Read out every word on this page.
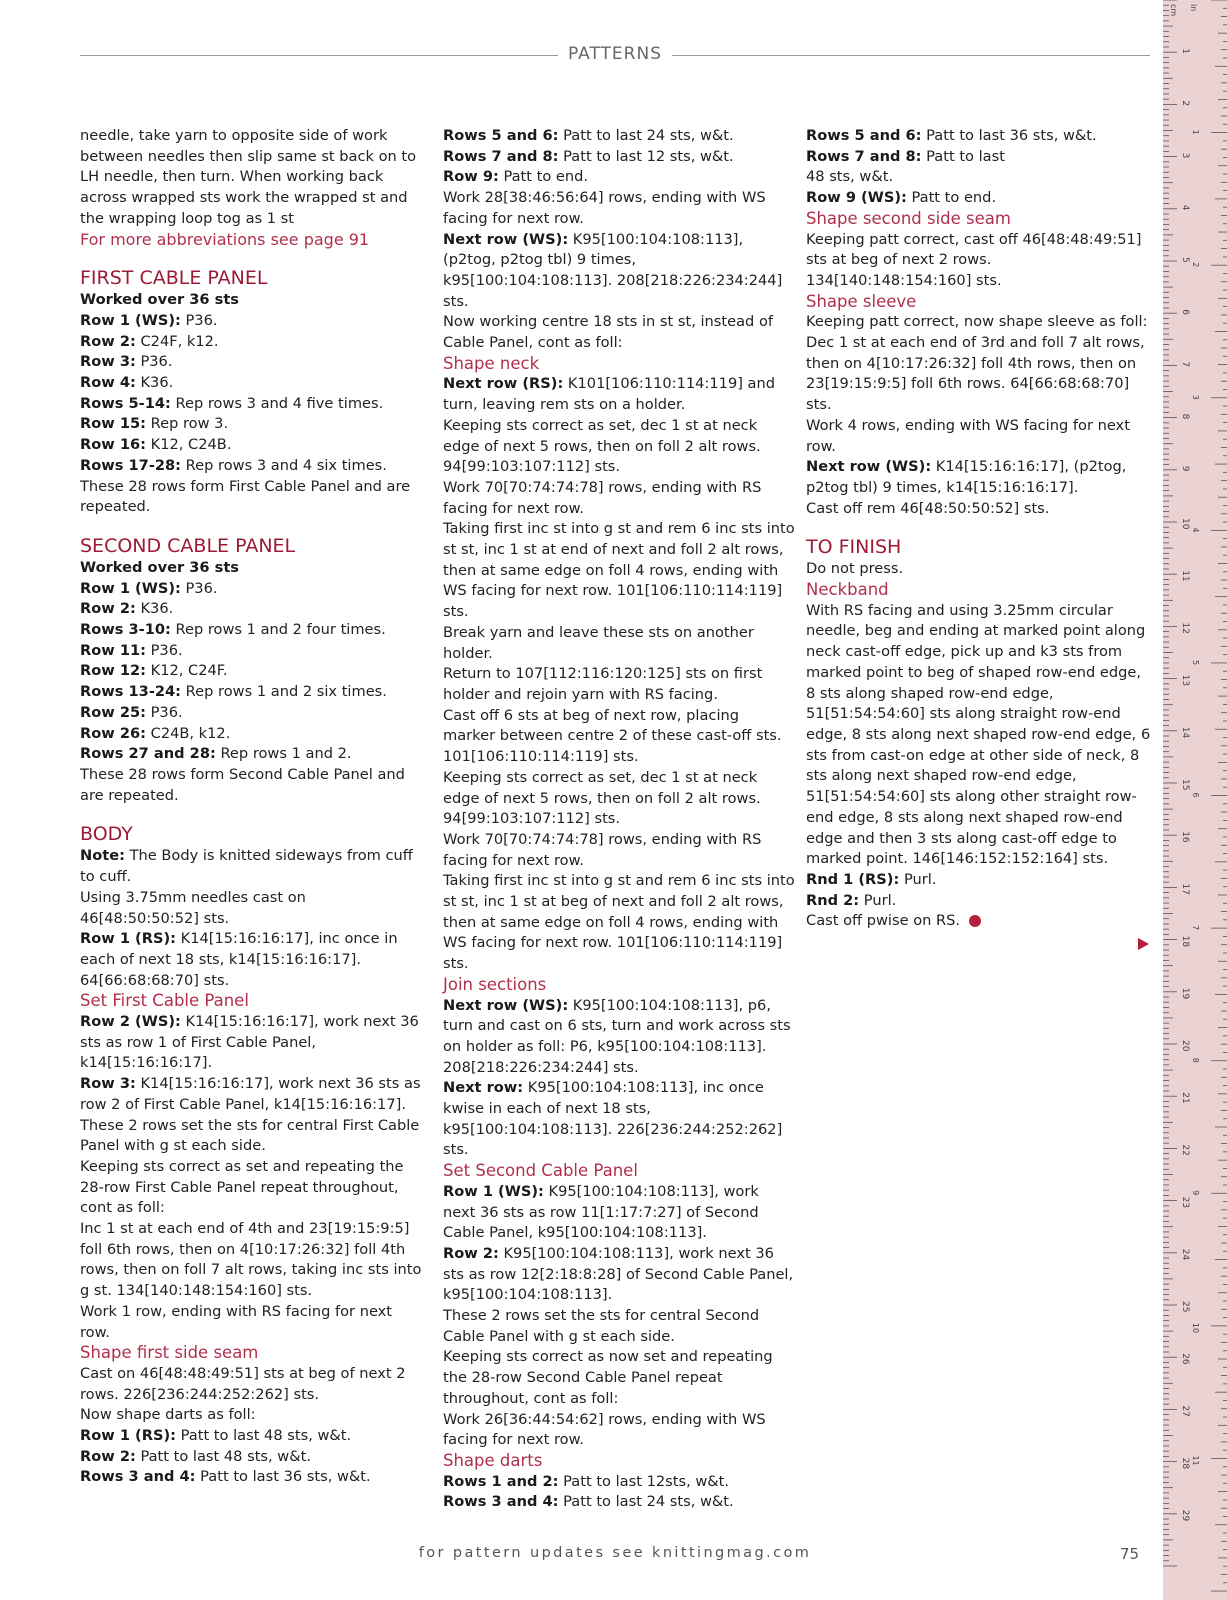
PATTERNS

needle, take yarn to opposite side of work between needles then slip same st back on to LH needle, then turn. When working back across wrapped sts work the wrapped st and the wrapping loop tog as 1 st

For more abbreviations see page 91

FIRST CABLE PANEL

Worked over 36 sts

Row 1 (WS): P36.

Row 2: C24F, k12.

Row 3: P36.

Row 4: K36.

Rows 5-14: Rep rows 3 and 4 five times.

Row 15: Rep row 3.

Row 16: K12, C24B.

Rows 17-28: Rep rows 3 and 4 six times.

These 28 rows form First Cable Panel and are repeated.

SECOND CABLE PANEL

Worked over 36 sts

Row 1 (WS): P36.

Row 2: K36.

Rows 3-10: Rep rows 1 and 2 four times.

Row 11: P36.

Row 12: K12, C24F.

Rows 13-24: Rep rows 1 and 2 six times.

Row 25: P36.

Row 26: C24B, k12.

Rows 27 and 28: Rep rows 1 and 2.

These 28 rows form Second Cable Panel and are repeated.

BODY

Note: The Body is knitted sideways from cuff to cuff.

Using 3.75mm needles cast on 46[48:50:50:52] sts.

Row 1 (RS): K14[15:16:16:17], inc once in each of next 18 sts, k14[15:16:16:17]. 64[66:68:68:70] sts.

Set First Cable Panel

Row 2 (WS): K14[15:16:16:17], work next 36 sts as row 1 of First Cable Panel, k14[15:16:16:17].

Row 3: K14[15:16:16:17], work next 36 sts as row 2 of First Cable Panel, k14[15:16:16:17].

These 2 rows set the sts for central First Cable Panel with g st each side.

Keeping sts correct as set and repeating the 28-row First Cable Panel repeat throughout, cont as foll:

Inc 1 st at each end of 4th and 23[19:15:9:5] foll 6th rows, then on 4[10:17:26:32] foll 4th rows, then on foll 7 alt rows, taking inc sts into g st. 134[140:148:154:160] sts.

Work 1 row, ending with RS facing for next row.

Shape first side seam

Cast on 46[48:48:49:51] sts at beg of next 2 rows. 226[236:244:252:262] sts.

Now shape darts as foll:

Row 1 (RS): Patt to last 48 sts, w&t.

Row 2: Patt to last 48 sts, w&t.

Rows 3 and 4: Patt to last 36 sts, w&t.

Rows 5 and 6: Patt to last 24 sts, w&t.

Rows 7 and 8: Patt to last 12 sts, w&t.

Row 9: Patt to end.

Work 28[38:46:56:64] rows, ending with WS facing for next row.

Next row (WS): K95[100:104:108:113], (p2tog, p2tog tbl) 9 times, k95[100:104:108:113]. 208[218:226:234:244] sts.

Now working centre 18 sts in st st, instead of Cable Panel, cont as foll:

Shape neck

Next row (RS): K101[106:110:114:119] and turn, leaving rem sts on a holder.

Keeping sts correct as set, dec 1 st at neck edge of next 5 rows, then on foll 2 alt rows. 94[99:103:107:112] sts.

Work 70[70:74:74:78] rows, ending with RS facing for next row.

Taking first inc st into g st and rem 6 inc sts into st st, inc 1 st at end of next and foll 2 alt rows, then at same edge on foll 4 rows, ending with WS facing for next row. 101[106:110:114:119] sts.

Break yarn and leave these sts on another holder.

Return to 107[112:116:120:125] sts on first holder and rejoin yarn with RS facing.

Cast off 6 sts at beg of next row, placing marker between centre 2 of these cast-off sts. 101[106:110:114:119] sts.

Keeping sts correct as set, dec 1 st at neck edge of next 5 rows, then on foll 2 alt rows. 94[99:103:107:112] sts.

Work 70[70:74:74:78] rows, ending with RS facing for next row.

Taking first inc st into g st and rem 6 inc sts into st st, inc 1 st at beg of next and foll 2 alt rows, then at same edge on foll 4 rows, ending with WS facing for next row. 101[106:110:114:119] sts.

Join sections

Next row (WS): K95[100:104:108:113], p6, turn and cast on 6 sts, turn and work across sts on holder as foll: P6, k95[100:104:108:113]. 208[218:226:234:244] sts.

Next row: K95[100:104:108:113], inc once kwise in each of next 18 sts, k95[100:104:108:113]. 226[236:244:252:262] sts.

Set Second Cable Panel

Row 1 (WS): K95[100:104:108:113], work next 36 sts as row 11[1:17:7:27] of Second Cable Panel, k95[100:104:108:113].

Row 2: K95[100:104:108:113], work next 36 sts as row 12[2:18:8:28] of Second Cable Panel, k95[100:104:108:113].

These 2 rows set the sts for central Second Cable Panel with g st each side.

Keeping sts correct as now set and repeating the 28-row Second Cable Panel repeat throughout, cont as foll:

Work 26[36:44:54:62] rows, ending with WS facing for next row.

Shape darts

Rows 1 and 2: Patt to last 12sts, w&t.

Rows 3 and 4: Patt to last 24 sts, w&t.

Rows 5 and 6: Patt to last 36 sts, w&t.

Rows 7 and 8: Patt to last 48 sts, w&t.

Row 9 (WS): Patt to end.

Shape second side seam

Keeping patt correct, cast off 46[48:48:49:51] sts at beg of next 2 rows. 134[140:148:154:160] sts.

Shape sleeve

Keeping patt correct, now shape sleeve as foll:

Dec 1 st at each end of 3rd and foll 7 alt rows, then on 4[10:17:26:32] foll 4th rows, then on 23[19:15:9:5] foll 6th rows. 64[66:68:68:70] sts.

Work 4 rows, ending with WS facing for next row.

Next row (WS): K14[15:16:16:17], (p2tog, p2tog tbl) 9 times, k14[15:16:16:17].

Cast off rem 46[48:50:50:52] sts.

TO FINISH

Do not press.

Neckband

With RS facing and using 3.25mm circular needle, beg and ending at marked point along neck cast-off edge, pick up and k3 sts from marked point to beg of shaped row-end edge, 8 sts along shaped row-end edge, 51[51:54:54:60] sts along straight row-end edge, 8 sts along next shaped row-end edge, 6 sts from cast-on edge at other side of neck, 8 sts along next shaped row-end edge, 51[51:54:54:60] sts along other straight row-end edge, 8 sts along next shaped row-end edge and then 3 sts along cast-off edge to marked point. 146[146:152:152:164] sts.

Rnd 1 (RS): Purl.

Rnd 2: Purl.

Cast off pwise on RS.

for pattern updates see knittingmag.com	75
cm in
1
2
3
4
5
6
7
8
9
10
11
12
13
14
15
16
17
18
19
20
21
22
23
24
25
26
27
28
29
1
2
3
4
5
6
7
8
9
10
11
